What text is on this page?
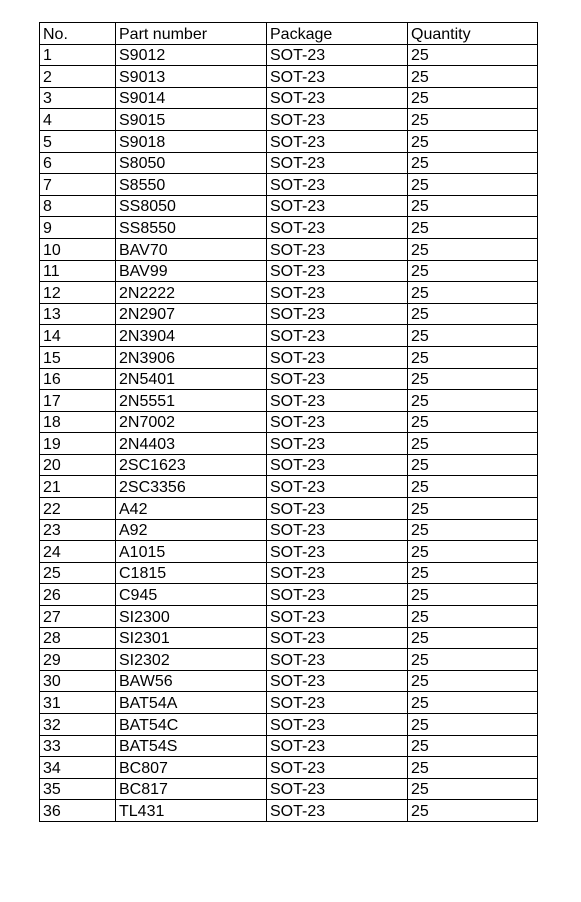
No.	Part number	Package	Quantity
1	S9012	SOT-23	25
2	S9013	SOT-23	25
3	S9014	SOT-23	25
4	S9015	SOT-23	25
5	S9018	SOT-23	25
6	S8050	SOT-23	25
7	S8550	SOT-23	25
8	SS8050	SOT-23	25
9	SS8550	SOT-23	25
10	BAV70	SOT-23	25
11	BAV99	SOT-23	25
12	2N2222	SOT-23	25
13	2N2907	SOT-23	25
14	2N3904	SOT-23	25
15	2N3906	SOT-23	25
16	2N5401	SOT-23	25
17	2N5551	SOT-23	25
18	2N7002	SOT-23	25
19	2N4403	SOT-23	25
20	2SC1623	SOT-23	25
21	2SC3356	SOT-23	25
22	A42	SOT-23	25
23	A92	SOT-23	25
24	A1015	SOT-23	25
25	C1815	SOT-23	25
26	C945	SOT-23	25
27	SI2300	SOT-23	25
28	SI2301	SOT-23	25
29	SI2302	SOT-23	25
30	BAW56	SOT-23	25
31	BAT54A	SOT-23	25
32	BAT54C	SOT-23	25
33	BAT54S	SOT-23	25
34	BC807	SOT-23	25
35	BC817	SOT-23	25
36	TL431	SOT-23	25
